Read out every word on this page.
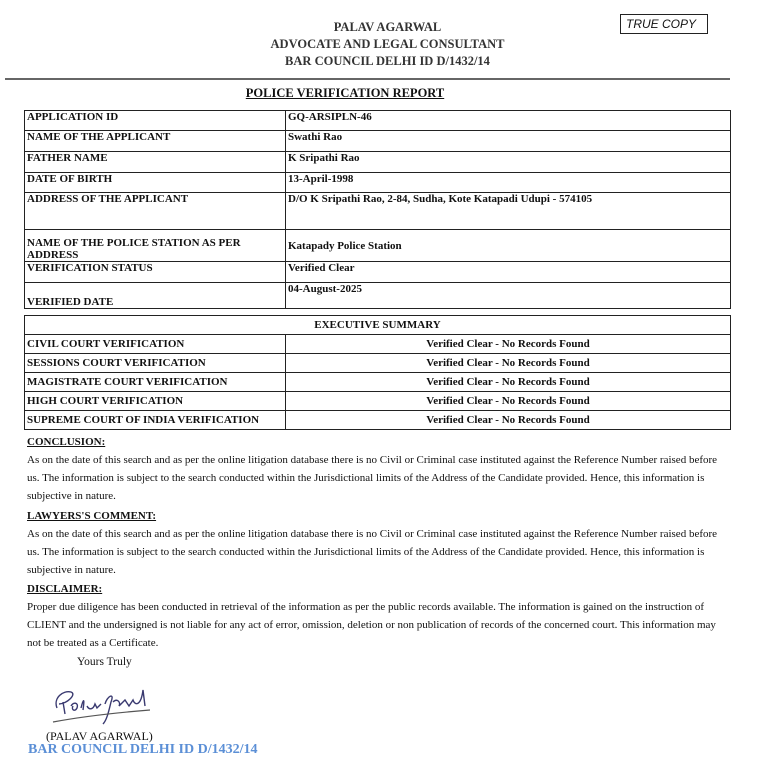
PALAV AGARWAL
ADVOCATE AND LEGAL CONSULTANT
BAR COUNCIL DELHI ID D/1432/14
TRUE COPY
POLICE VERIFICATION REPORT
APPLICATION ID	GQ-ARSIPLN-46
NAME OF THE APPLICANT	Swathi Rao
FATHER NAME	K Sripathi Rao
DATE OF BIRTH	13-April-1998
ADDRESS OF THE APPLICANT	D/O K Sripathi Rao, 2-84, Sudha, Kote Katapadi Udupi - 574105
NAME OF THE POLICE STATION AS PER ADDRESS	Katapady Police Station
VERIFICATION STATUS	Verified Clear
VERIFIED DATE	04-August-2025
EXECUTIVE SUMMARY	
CIVIL COURT VERIFICATION	Verified Clear - No Records Found
SESSIONS COURT VERIFICATION	Verified Clear - No Records Found
MAGISTRATE COURT VERIFICATION	Verified Clear - No Records Found
HIGH COURT VERIFICATION	Verified Clear - No Records Found
SUPREME COURT OF INDIA VERIFICATION	Verified Clear - No Records Found
CONCLUSION:
As on the date of this search and as per the online litigation database there is no Civil or Criminal case instituted against the Reference Number raised before us. The information is subject to the search conducted within the Jurisdictional limits of the Address of the Candidate provided. Hence, this information is subjective in nature.
LAWYERS'S COMMENT:
As on the date of this search and as per the online litigation database there is no Civil or Criminal case instituted against the Reference Number raised before us. The information is subject to the search conducted within the Jurisdictional limits of the Address of the Candidate provided. Hence, this information is subjective in nature.
DISCLAIMER:
Proper due diligence has been conducted in retrieval of the information as per the public records available. The information is gained on the instruction of CLIENT and the undersigned is not liable for any act of error, omission, deletion or non publication of records of the concerned court. This information may not be treated as a Certificate.
Yours Truly
(PALAV AGARWAL)
BAR COUNCIL DELHI ID D/1432/14
